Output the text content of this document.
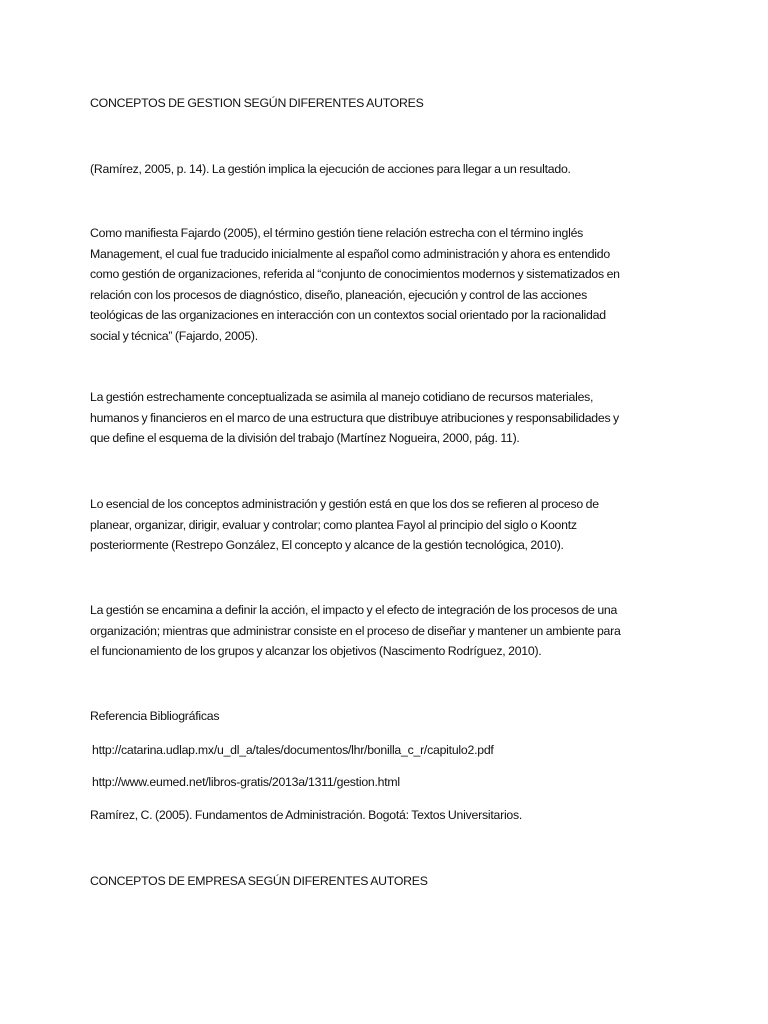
CONCEPTOS DE GESTION SEGÚN DIFERENTES AUTORES
(Ramírez, 2005, p. 14). La gestión implica la ejecución de acciones para llegar a un resultado.
Como manifiesta Fajardo (2005), el término gestión tiene relación estrecha con el término inglés
Management, el cual fue traducido inicialmente al español como administración y ahora es entendido
como gestión de organizaciones, referida al “conjunto de conocimientos modernos y sistematizados en
relación con los procesos de diagnóstico, diseño, planeación, ejecución y control de las acciones
teológicas de las organizaciones en interacción con un contextos social orientado por la racionalidad
social y técnica” (Fajardo, 2005).
La gestión estrechamente conceptualizada se asimila al manejo cotidiano de recursos materiales,
humanos y financieros en el marco de una estructura que distribuye atribuciones y responsabilidades y
que define el esquema de la división del trabajo (Martínez Nogueira, 2000, pág. 11).
Lo esencial de los conceptos administración y gestión está en que los dos se refieren al proceso de
planear, organizar, dirigir, evaluar y controlar; como plantea Fayol al principio del siglo o Koontz
posteriormente (Restrepo González, El concepto y alcance de la gestión tecnológica, 2010).
La gestión se encamina a definir la acción, el impacto y el efecto de integración de los procesos de una
organización; mientras que administrar consiste en el proceso de diseñar y mantener un ambiente para
el funcionamiento de los grupos y alcanzar los objetivos (Nascimento Rodríguez, 2010).
Referencia Bibliográficas
http://catarina.udlap.mx/u_dl_a/tales/documentos/lhr/bonilla_c_r/capitulo2.pdf
http://www.eumed.net/libros-gratis/2013a/1311/gestion.html
Ramírez, C. (2005). Fundamentos de Administración. Bogotá: Textos Universitarios.
CONCEPTOS DE EMPRESA SEGÚN DIFERENTES AUTORES
